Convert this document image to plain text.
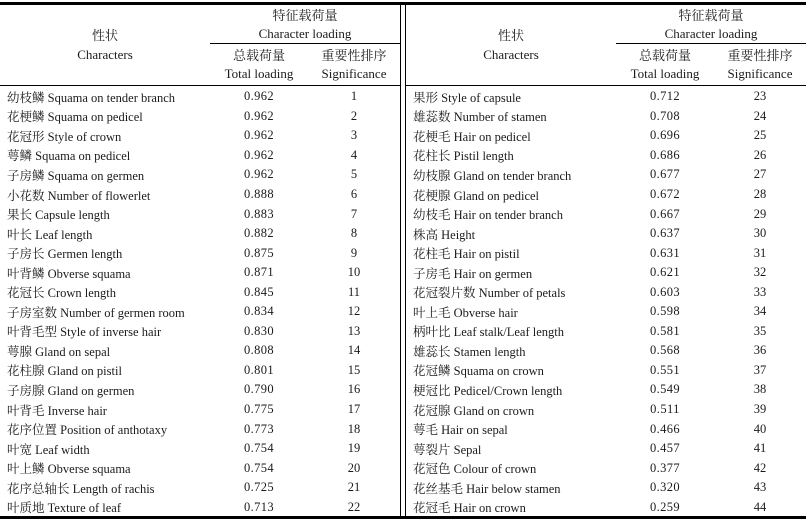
性状
Characters
特征载荷量
Character loading
总载荷量
Total loading
重要性排序
Significance
幼枝鳞 Squama on tender branch	0.962	1
花梗鳞 Squama on pedicel	0.962	2
花冠形 Style of crown	0.962	3
萼鳞 Squama on pedicel	0.962	4
子房鳞 Squama on germen	0.962	5
小花数 Number of flowerlet	0.888	6
果长 Capsule length	0.883	7
叶长 Leaf length	0.882	8
子房长 Germen length	0.875	9
叶背鳞 Obverse squama	0.871	10
花冠长 Crown length	0.845	11
子房室数 Number of germen room	0.834	12
叶背毛型 Style of inverse hair	0.830	13
萼腺 Gland on sepal	0.808	14
花柱腺 Gland on pistil	0.801	15
子房腺 Gland on germen	0.790	16
叶背毛 Inverse hair	0.775	17
花序位置 Position of anthotaxy	0.773	18
叶宽 Leaf width	0.754	19
叶上鳞 Obverse squama	0.754	20
花序总轴长 Length of rachis	0.725	21
叶质地 Texture of leaf	0.713	22
性状
Characters
特征载荷量
Character loading
总载荷量
Total loading
重要性排序
Significance
果形 Style of capsule	0.712	23
雄蕊数 Number of stamen	0.708	24
花梗毛 Hair on pedicel	0.696	25
花柱长 Pistil length	0.686	26
幼枝腺 Gland on tender branch	0.677	27
花梗腺 Gland on pedicel	0.672	28
幼枝毛 Hair on tender branch	0.667	29
株高 Height	0.637	30
花柱毛 Hair on pistil	0.631	31
子房毛 Hair on germen	0.621	32
花冠裂片数 Number of petals	0.603	33
叶上毛 Obverse hair	0.598	34
柄叶比 Leaf stalk/Leaf length	0.581	35
雄蕊长 Stamen length	0.568	36
花冠鳞 Squama on crown	0.551	37
梗冠比 Pedicel/Crown length	0.549	38
花冠腺 Gland on crown	0.511	39
萼毛 Hair on sepal	0.466	40
萼裂片 Sepal	0.457	41
花冠色 Colour of crown	0.377	42
花丝基毛 Hair below stamen	0.320	43
花冠毛 Hair on crown	0.259	44
